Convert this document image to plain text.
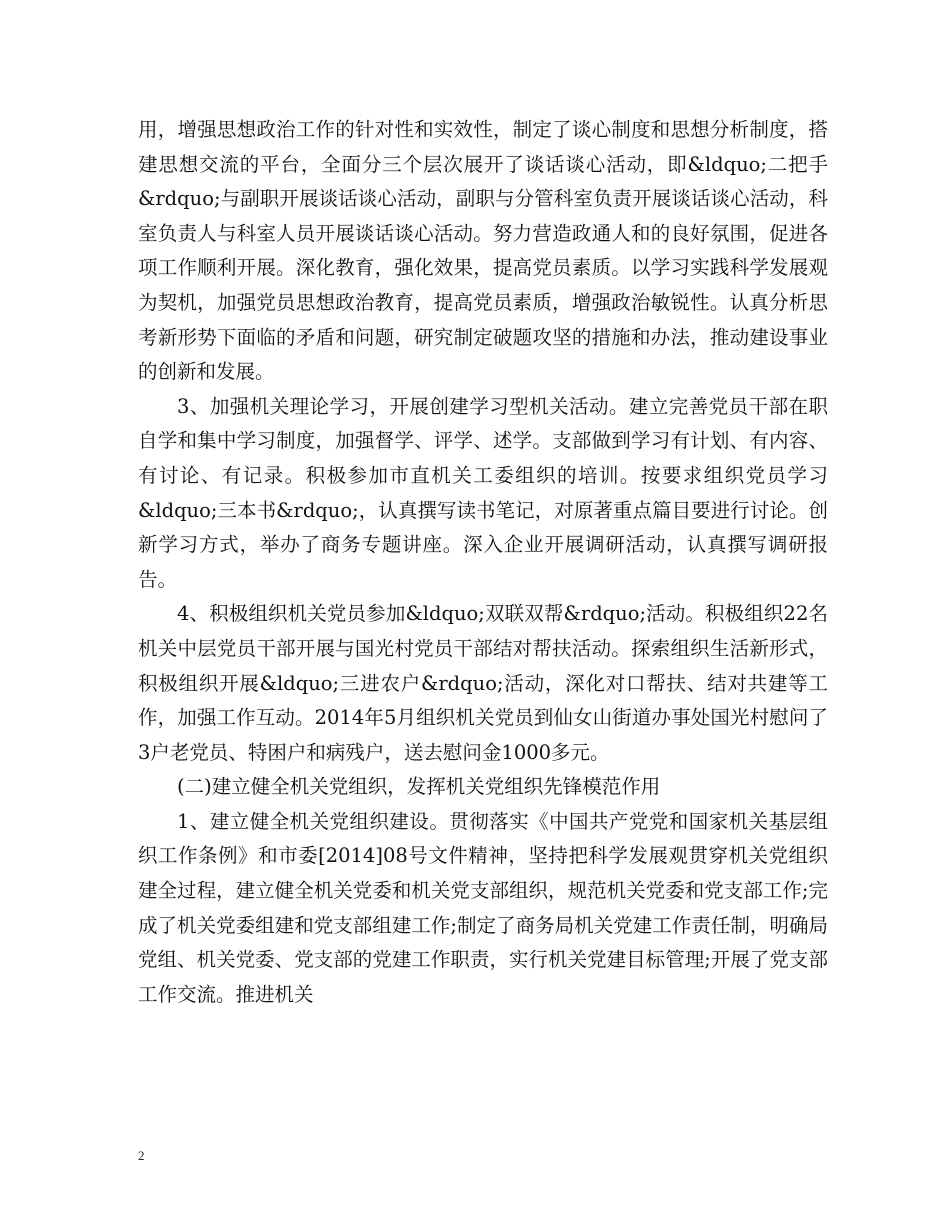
用，增强思想政治工作的针对性和实效性，制定了谈心制度和思想分析制度，搭建思想交流的平台，全面分三个层次展开了谈话谈心活动，即&ldquo;二把手&rdquo;与副职开展谈话谈心活动，副职与分管科室负责开展谈话谈心活动，科室负责人与科室人员开展谈话谈心活动。努力营造政通人和的良好氛围，促进各项工作顺利开展。深化教育，强化效果，提高党员素质。以学习实践科学发展观为契机，加强党员思想政治教育，提高党员素质，增强政治敏锐性。认真分析思考新形势下面临的矛盾和问题，研究制定破题攻坚的措施和办法，推动建设事业的创新和发展。

3、加强机关理论学习，开展创建学习型机关活动。建立完善党员干部在职自学和集中学习制度，加强督学、评学、述学。支部做到学习有计划、有内容、有讨论、有记录。积极参加市直机关工委组织的培训。按要求组织党员学习&ldquo;三本书&rdquo;，认真撰写读书笔记，对原著重点篇目要进行讨论。创新学习方式，举办了商务专题讲座。深入企业开展调研活动，认真撰写调研报告。

4、积极组织机关党员参加&ldquo;双联双帮&rdquo;活动。积极组织22名机关中层党员干部开展与国光村党员干部结对帮扶活动。探索组织生活新形式，积极组织开展&ldquo;三进农户&rdquo;活动，深化对口帮扶、结对共建等工作，加强工作互动。2014年5月组织机关党员到仙女山街道办事处国光村慰问了3户老党员、特困户和病残户，送去慰问金1000多元。

(二)建立健全机关党组织，发挥机关党组织先锋模范作用

1、建立健全机关党组织建设。贯彻落实《中国共产党党和国家机关基层组织工作条例》和市委[2014]08号文件精神，坚持把科学发展观贯穿机关党组织建全过程，建立健全机关党委和机关党支部组织，规范机关党委和党支部工作;完成了机关党委组建和党支部组建工作;制定了商务局机关党建工作责任制，明确局党组、机关党委、党支部的党建工作职责，实行机关党建目标管理;开展了党支部工作交流。推进机关

2
